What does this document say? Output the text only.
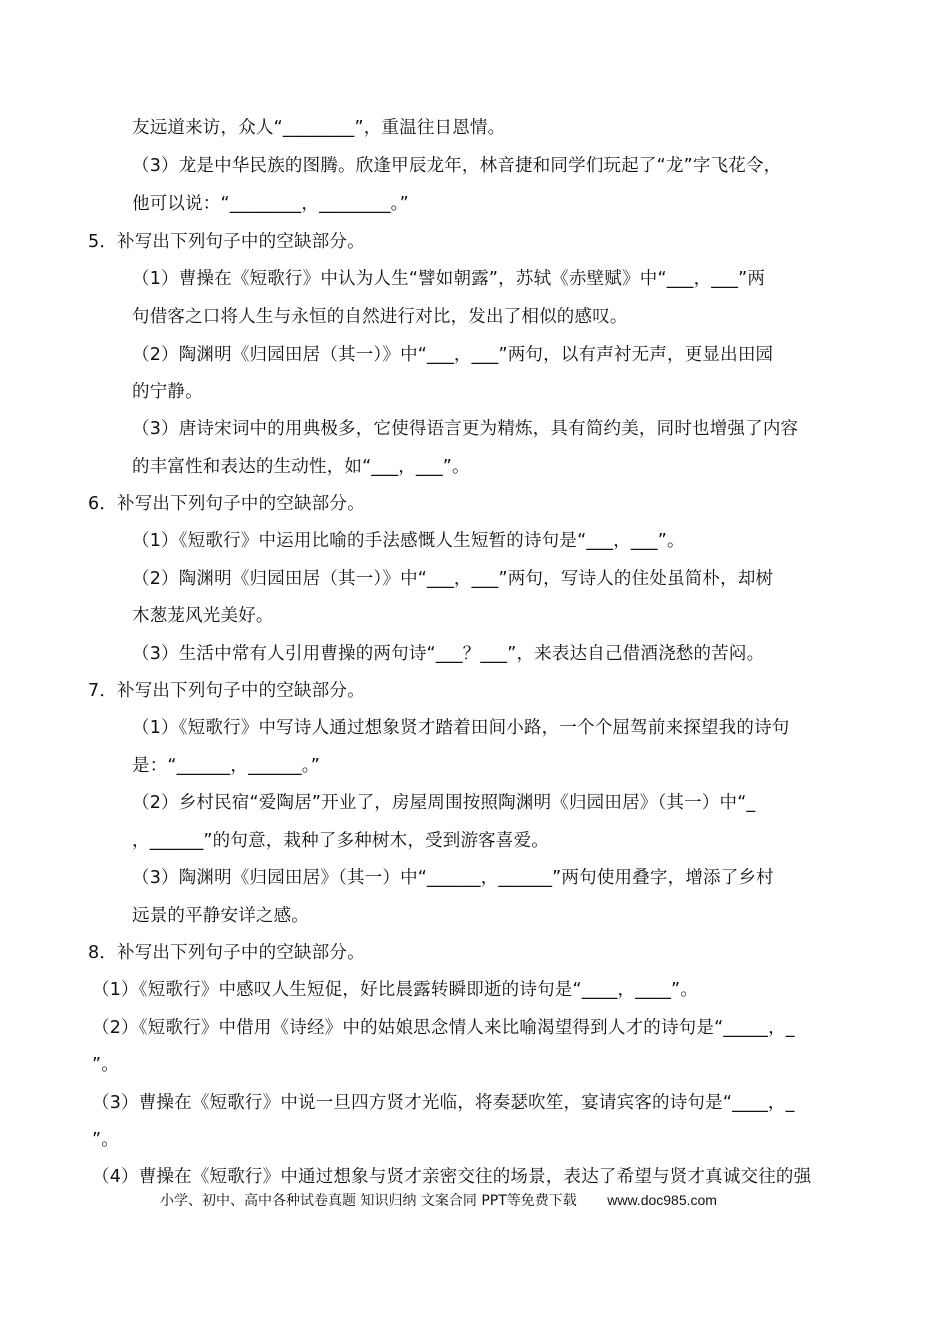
友远道来访，众人“________”，重温往日恩情。
（3）龙是中华民族的图腾。欣逢甲辰龙年，林音捷和同学们玩起了“龙”字飞花令，
他可以说：“________，________。”
5．补写出下列句子中的空缺部分。
（1）曹操在《短歌行》中认为人生“譬如朝露”，苏轼《赤壁赋》中“___，___”两
句借客之口将人生与永恒的自然进行对比，发出了相似的感叹。
（2）陶渊明《归园田居（其一）》中“___，___”两句，以有声衬无声，更显出田园
的宁静。
（3）唐诗宋词中的用典极多，它使得语言更为精炼，具有简约美，同时也增强了内容
的丰富性和表达的生动性，如“___，___”。
6．补写出下列句子中的空缺部分。
（1）《短歌行》中运用比喻的手法感慨人生短暂的诗句是“___，___”。
（2）陶渊明《归园田居（其一）》中“___，___”两句，写诗人的住处虽简朴，却树
木葱茏风光美好。
（3）生活中常有人引用曹操的两句诗“___？___”，来表达自己借酒浇愁的苦闷。
7．补写出下列句子中的空缺部分。
（1）《短歌行》中写诗人通过想象贤才踏着田间小路，一个个屈驾前来探望我的诗句
是：“______，______。”
（2）乡村民宿“爱陶居”开业了，房屋周围按照陶渊明《归园田居》（其一）中“_
，______”的句意，栽种了多种树木，受到游客喜爱。
（3）陶渊明《归园田居》（其一）中“______，______”两句使用叠字，增添了乡村
远景的平静安详之感。
8．补写出下列句子中的空缺部分。
（1）《短歌行》中感叹人生短促，好比晨露转瞬即逝的诗句是“____，____”。
（2）《短歌行》中借用《诗经》中的姑娘思念情人来比喻渴望得到人才的诗句是“_____，_
”。
（3）曹操在《短歌行》中说一旦四方贤才光临，将奏瑟吹笙，宴请宾客的诗句是“____，_
”。
（4）曹操在《短歌行》中通过想象与贤才亲密交往的场景，表达了希望与贤才真诚交往的强
小学、初中、高中各种试卷真题 知识归纳 文案合同 PPT等免费下载 www.doc985.com
